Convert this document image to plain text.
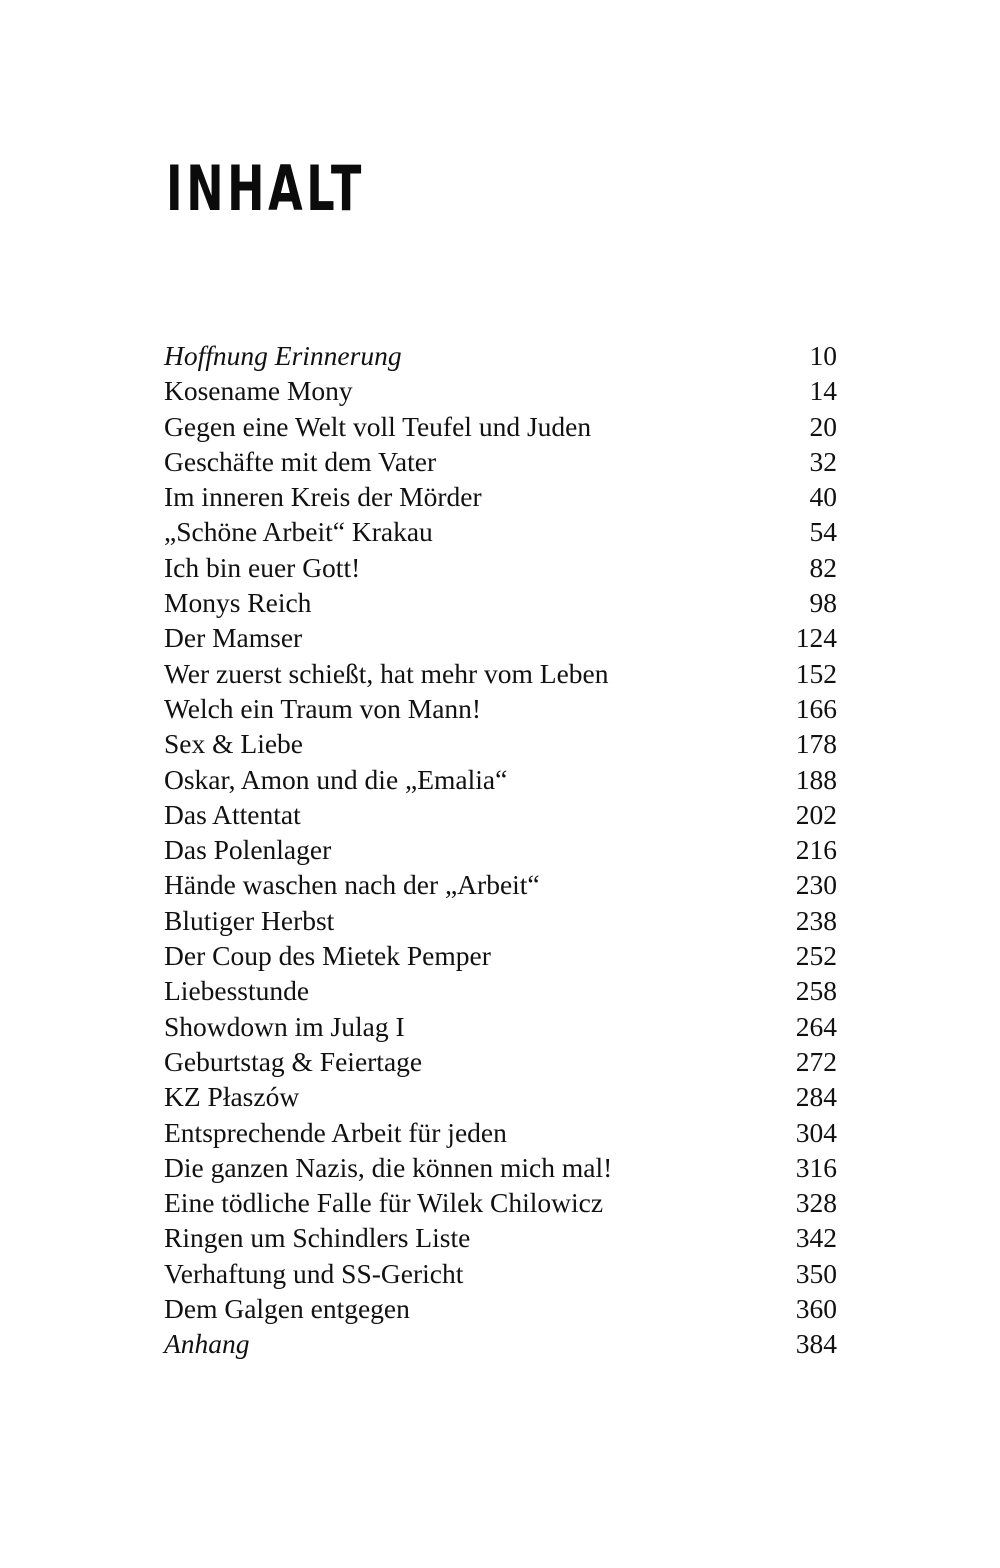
INHALT
Hoffnung Erinnerung	10
Kosename Mony	14
Gegen eine Welt voll Teufel und Juden	20
Geschäfte mit dem Vater	32
Im inneren Kreis der Mörder	40
„Schöne Arbeit“ Krakau	54
Ich bin euer Gott!	82
Monys Reich	98
Der Mamser	124
Wer zuerst schießt, hat mehr vom Leben	152
Welch ein Traum von Mann!	166
Sex & Liebe	178
Oskar, Amon und die „Emalia“	188
Das Attentat	202
Das Polenlager	216
Hände waschen nach der „Arbeit“	230
Blutiger Herbst	238
Der Coup des Mietek Pemper	252
Liebesstunde	258
Showdown im Julag I	264
Geburtstag & Feiertage	272
KZ Płaszów	284
Entsprechende Arbeit für jeden	304
Die ganzen Nazis, die können mich mal!	316
Eine tödliche Falle für Wilek Chilowicz	328
Ringen um Schindlers Liste	342
Verhaftung und SS-Gericht	350
Dem Galgen entgegen	360
Anhang	384
